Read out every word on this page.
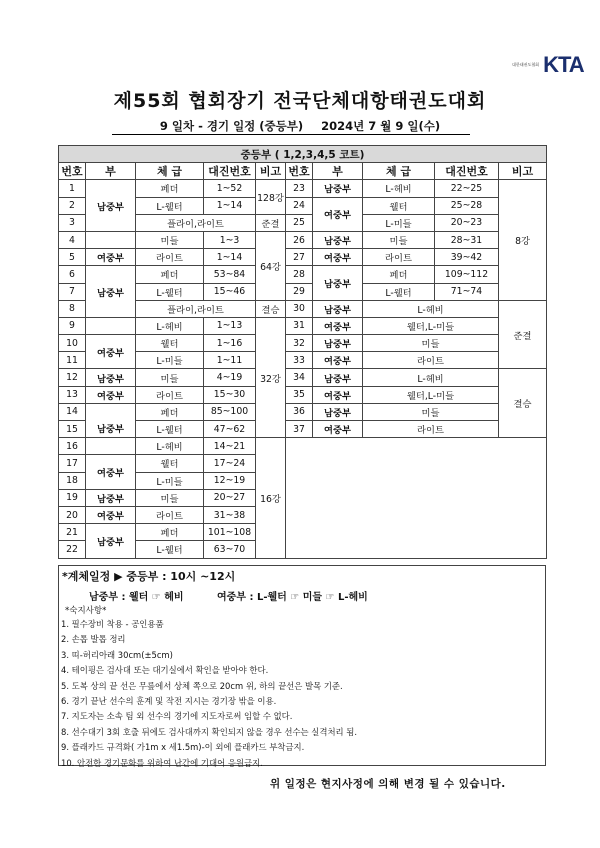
대한태권도협회 KTA
제55회 협회장기 전국단체대항태권도대회
9 일차 - 경기 일정 (중등부) 2024년 7 월 9 일(수)
중등부 ( 1,2,3,4,5 코트)									
번호	부	체 급	대진번호	비고	번호	부	체 급	대진번호	비고
1	남중부	페더	1~52	128강	23	남중부	L-헤비	22~25	8강
2		L-웰터	1~14		24	여중부	웰터	25~28	
3		플라이,라이트		준결	25		L-미들	20~23	
4		미들	1~3	64강	26	남중부	미들	28~31	
5	여중부	라이트	1~14		27	여중부	라이트	39~42	
6	남중부	페더	53~84		28	남중부	페더	109~112	
7		L-웰터	15~46		29		L-웰터	71~74	
8		플라이,라이트		결승	30	남중부	L-헤비		준결
9		L-헤비	1~13	32강	31	여중부	웰터,L-미들		
10	여중부	웰터	1~16		32	남중부	미들		
11		L-미들	1~11		33	여중부	라이트		
12	남중부	미들	4~19		34	남중부	L-헤비		결승
13	여중부	라이트	15~30		35	여중부	웰터,L-미들		
14	남중부	페더	85~100		36	남중부	미들		
15		L-웰터	47~62		37	여중부	라이트		
16		L-헤비	14~21	16강					
17	여중부	웰터	17~24						
18		L-미들	12~19						
19	남중부	미들	20~27						
20	여중부	라이트	31~38						
21	남중부	페더	101~108						
22		L-웰터	63~70						
*계체일정 ▶ 중등부 : 10시 ~12시
남중부 : 웰터 ☞ 헤비	여중부 : L-웰터 ☞ 미들 ☞ L-헤비
*숙지사항*
1. 필수장비 착용 - 공인용품
2. 손톱 발톱 정리
3. 띠-허리아래 30cm(±5cm)
4. 테이핑은 검사대 또는 대기실에서 확인을 받아야 한다.
5. 도복 상의 끝 선은 무릎에서 상체 쪽으로 20cm 위, 하의 끝선은 발목 기준.
6. 경기 끝난 선수의 훈계 및 작전 지시는 경기장 밖을 이용.
7. 지도자는 소속 팀 외 선수의 경기에 지도자로써 임할 수 없다.
8. 선수대기 3회 호출 뒤에도 검사대까지 확인되지 않을 경우 선수는 실격처리 됨.
9. 플래카드 규격화( 가1m x 세1.5m)-이 외에 플래카드 부착금지.
10. 안전한 경기문화를 위하여 난간에 기대어 응원금지.
위 일정은 현지사정에 의해 변경 될 수 있습니다.
